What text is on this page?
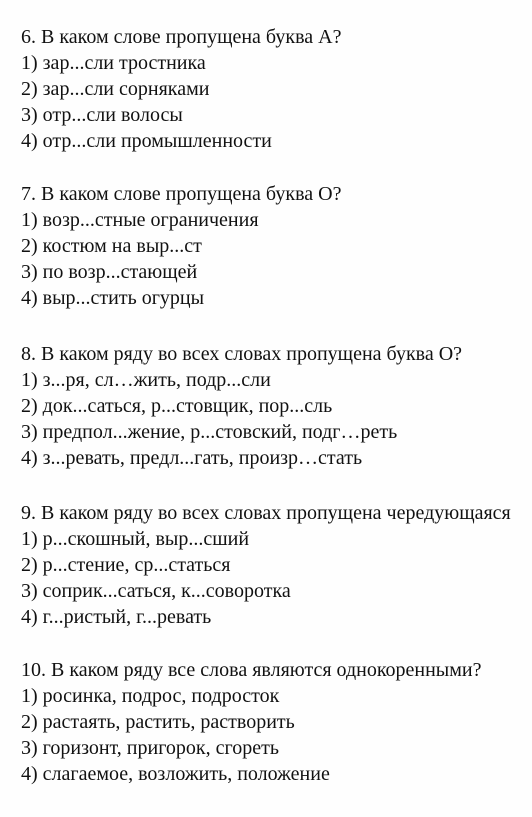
6. В каком слове пропущена буква А?
1) зар...сли тростника
2) зар...сли сорняками
3) отр...сли волосы
4) отр...сли промышленности
7. В каком слове пропущена буква О?
1) возр...стные ограничения
2) костюм на выр...ст
3) по возр...стающей
4) выр...стить огурцы
8. В каком ряду во всех словах пропущена буква О?
1) з...ря, сл…жить, подр...сли
2) док...саться, р...стовщик, пор...сль
3) предпол...жение, р...стовский, подг…реть
4) з...ревать, предл...гать, произр…стать
9. В каком ряду во всех словах пропущена чередующаяся
1) р...скошный, выр...сший
2) р...стение, ср...статься
3) соприк...саться, к...соворотка
4) г...ристый, г...ревать
10. В каком ряду все слова являются однокоренными?
1) росинка, подрос, подросток
2) растаять, растить, растворить
3) горизонт, пригорок, сгореть
4) слагаемое, возложить, положение
